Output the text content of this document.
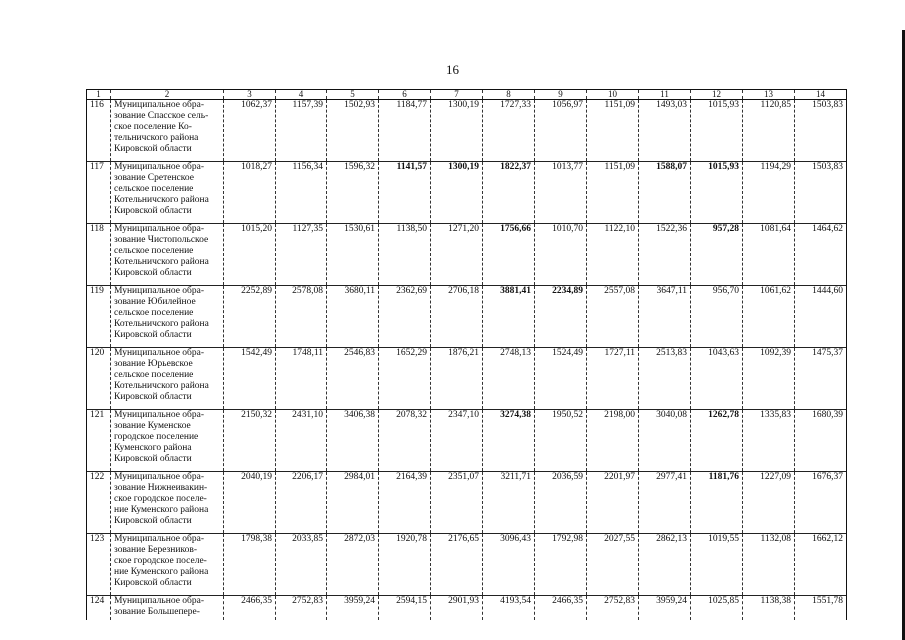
16
1	2	3	4	5	6	7	8	9	10	11	12	13	14
116	Муниципальное обра-
зование Спасское сель-
ское поселение Ко-
тельничского района
Кировской области	1062,37	1157,39	1502,93	1184,77	1300,19	1727,33	1056,97	1151,09	1493,03	1015,93	1120,85	1503,83
117	Муниципальное обра-
зование Сретенское
сельское поселение
Котельничского района
Кировской области	1018,27	1156,34	1596,32	1141,57	1300,19	1822,37	1013,77	1151,09	1588,07	1015,93	1194,29	1503,83
118	Муниципальное обра-
зование Чистопольское
сельское поселение
Котельничского района
Кировской области	1015,20	1127,35	1530,61	1138,50	1271,20	1756,66	1010,70	1122,10	1522,36	957,28	1081,64	1464,62
119	Муниципальное обра-
зование Юбилейное
сельское поселение
Котельничского района
Кировской области	2252,89	2578,08	3680,11	2362,69	2706,18	3881,41	2234,89	2557,08	3647,11	956,70	1061,62	1444,60
120	Муниципальное обра-
зование Юрьевское
сельское поселение
Котельничского района
Кировской области	1542,49	1748,11	2546,83	1652,29	1876,21	2748,13	1524,49	1727,11	2513,83	1043,63	1092,39	1475,37
121	Муниципальное обра-
зование Куменское
городское поселение
Куменского района
Кировской области	2150,32	2431,10	3406,38	2078,32	2347,10	3274,38	1950,52	2198,00	3040,08	1262,78	1335,83	1680,39
122	Муниципальное обра-
зование Нижнеивакин-
ское городское поселе-
ние Куменского района
Кировской области	2040,19	2206,17	2984,01	2164,39	2351,07	3211,71	2036,59	2201,97	2977,41	1181,76	1227,09	1676,37
123	Муниципальное обра-
зование Березников-
ское городское поселе-
ние Куменского района
Кировской области	1798,38	2033,85	2872,03	1920,78	2176,65	3096,43	1792,98	2027,55	2862,13	1019,55	1132,08	1662,12
124	Муниципальное обра-
зование Большепере-	2466,35	2752,83	3959,24	2594,15	2901,93	4193,54	2466,35	2752,83	3959,24	1025,85	1138,38	1551,78
